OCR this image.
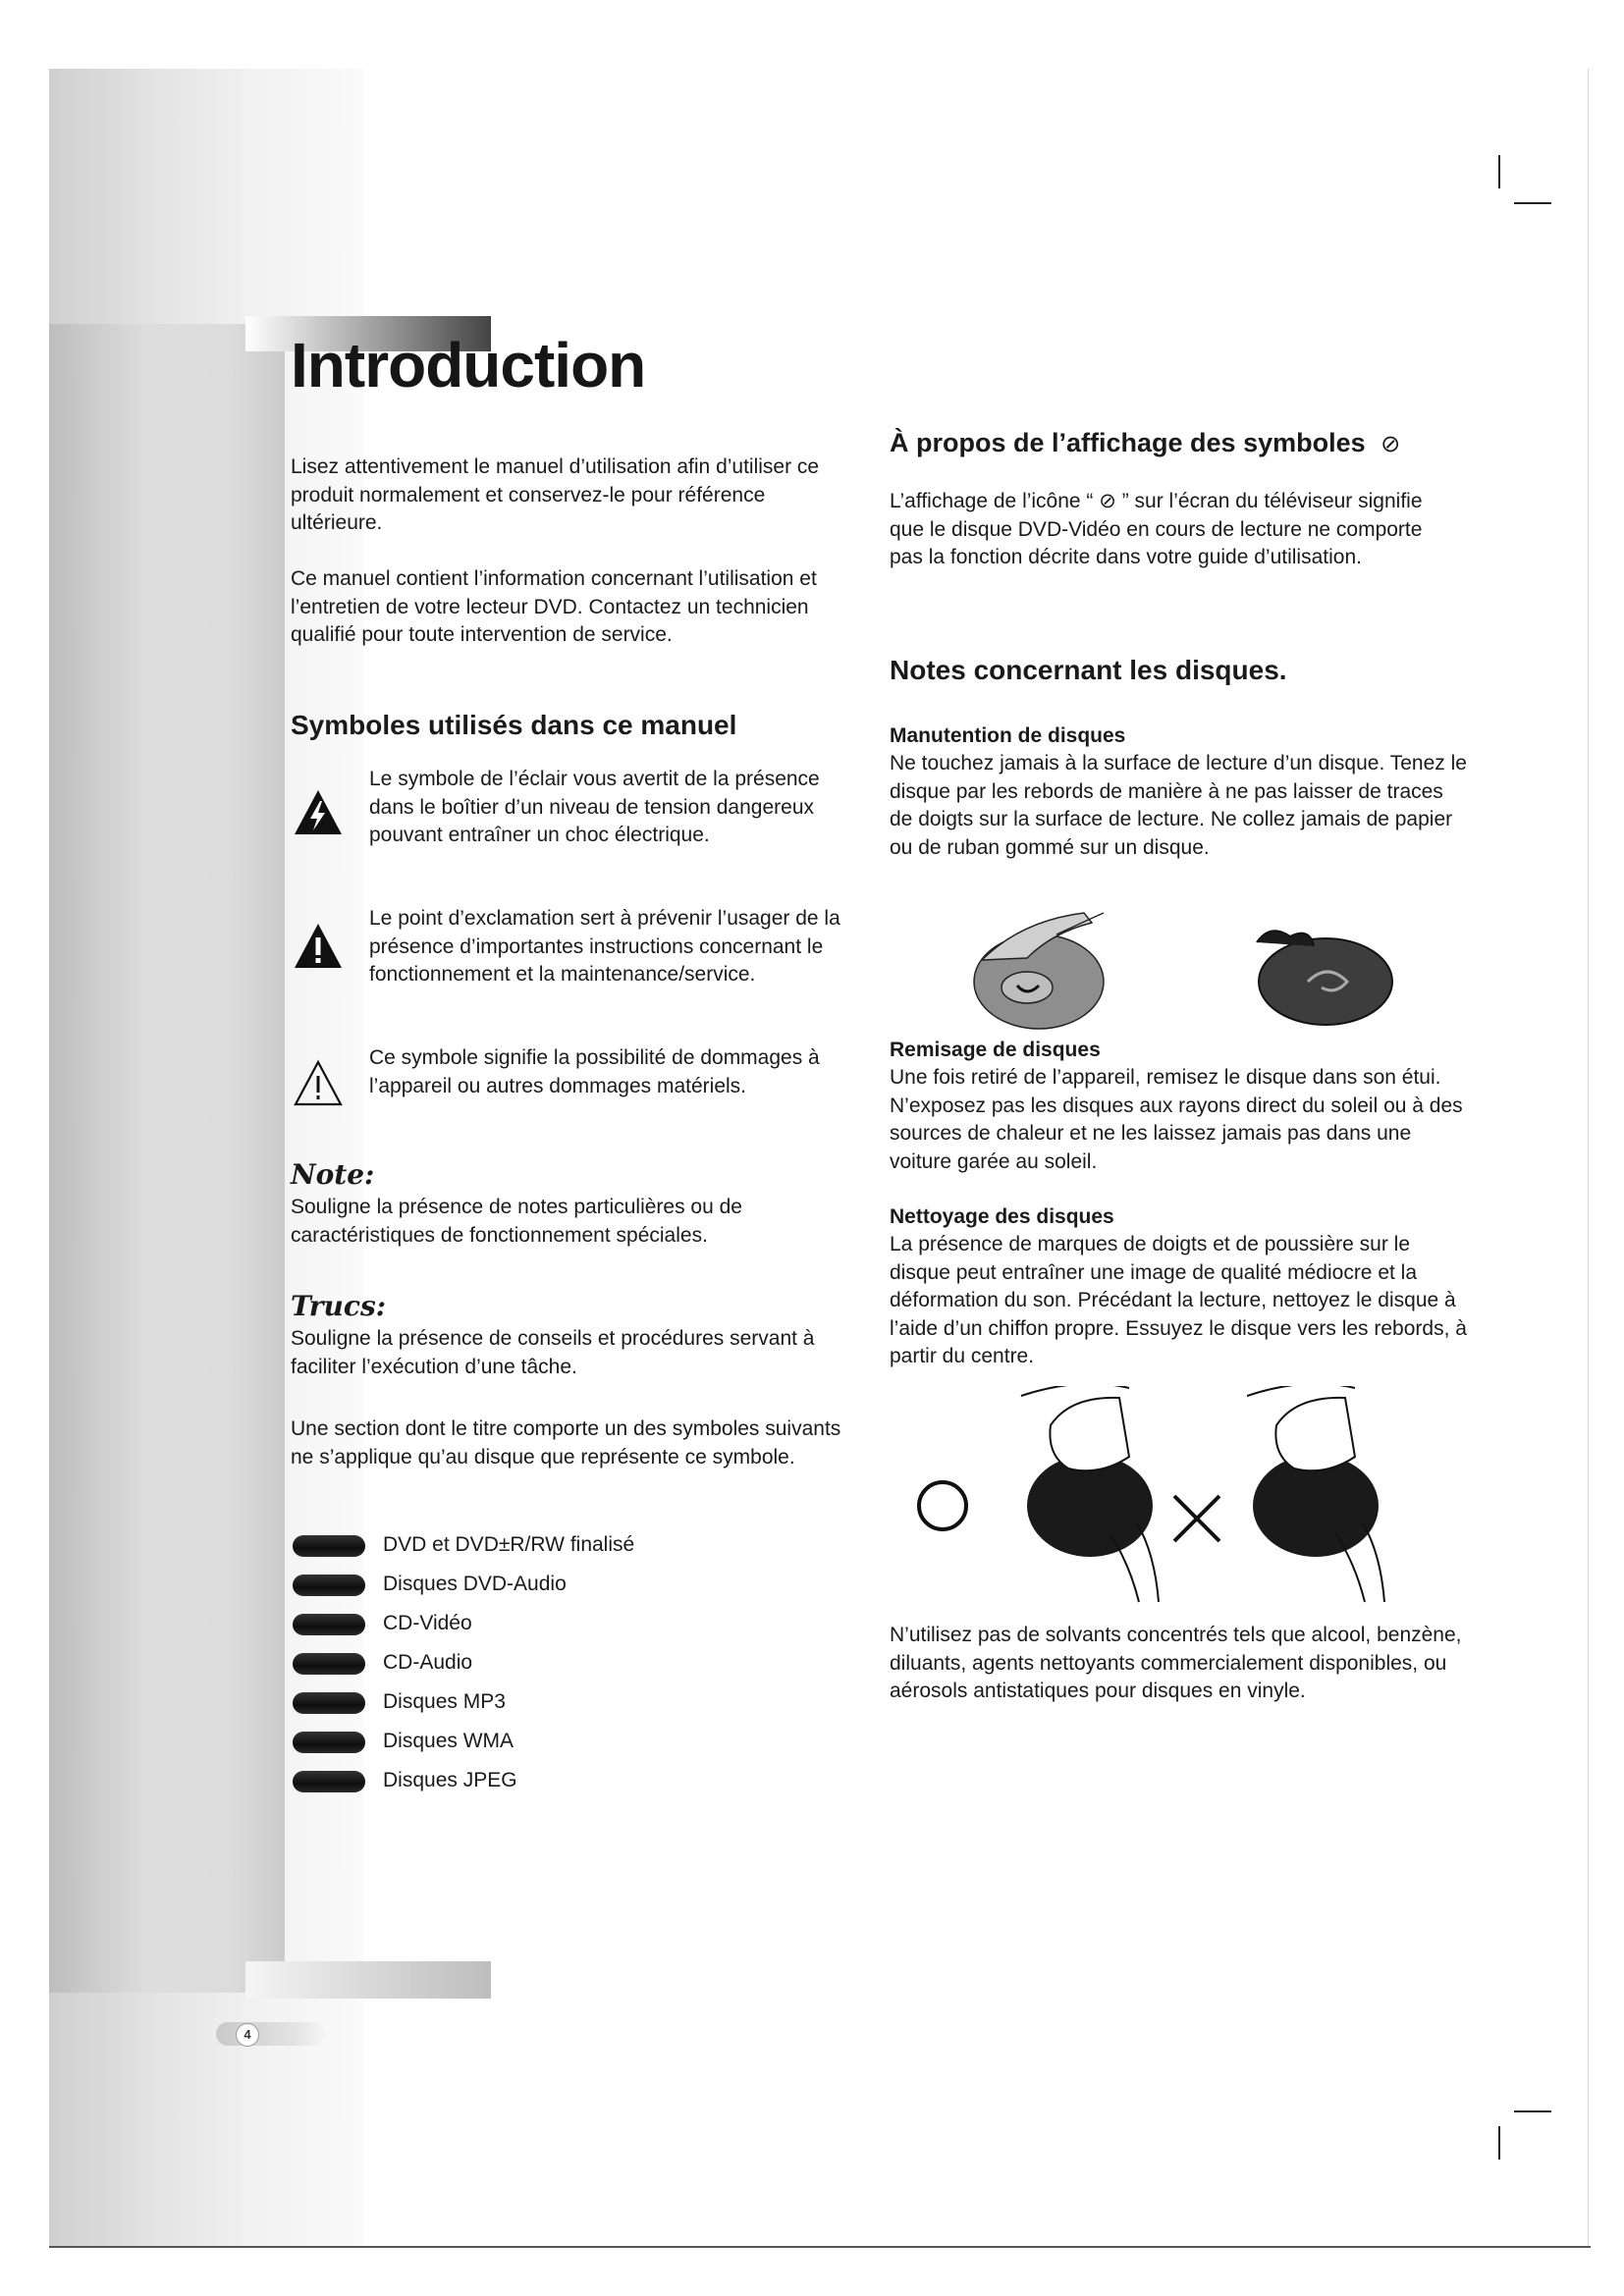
4
Introduction

Lisez attentivement le manuel d’utilisation afin d’utiliser ce produit normalement et conservez-le pour référence ultérieure.

Ce manuel contient l’information concernant l’utilisation et l’entretien de votre lecteur DVD. Contactez un technicien qualifié pour toute intervention de service.

Symboles utilisés dans ce manuel
Le symbole de l’éclair vous avertit de la présence dans le boîtier d’un niveau de tension dangereux pouvant entraîner un choc électrique.
Le point d’exclamation sert à prévenir l’usager de la présence d’importantes instructions concernant le fonctionnement et la maintenance/service.
Ce symbole signifie la possibilité de dommages à l’appareil ou autres dommages matériels.
Note:

Souligne la présence de notes particulières ou de caractéristiques de fonctionnement spéciales.

Trucs:

Souligne la présence de conseils et procédures servant à faciliter l’exécution d’une tâche.

Une section dont le titre comporte un des symboles suivants ne s’applique qu’au disque que représente ce symbole.

DVD et DVD±R/RW finalisé
Disques DVD-Audio
CD-Vidéo
CD-Audio
Disques MP3
Disques WMA
Disques JPEG
À propos de l’affichage des symboles ⊘

L’affichage de l’icône “ ⊘ ” sur l’écran du téléviseur signifie que le disque DVD-Vidéo en cours de lecture ne comporte pas la fonction décrite dans votre guide d’utilisation.

Notes concernant les disques.
Manutention de disques

Ne touchez jamais à la surface de lecture d’un disque. Tenez le disque par les rebords de manière à ne pas laisser de traces de doigts sur la surface de lecture. Ne collez jamais de papier ou de ruban gommé sur un disque.

Remisage de disques

Une fois retiré de l’appareil, remisez le disque dans son étui. N’exposez pas les disques aux rayons direct du soleil ou à des sources de chaleur et ne les laissez jamais pas dans une voiture garée au soleil.

Nettoyage des disques

La présence de marques de doigts et de poussière sur le disque peut entraîner une image de qualité médiocre et la déformation du son. Précédant la lecture, nettoyez le disque à l’aide d’un chiffon propre. Essuyez le disque vers les rebords, à partir du centre.

N’utilisez pas de solvants concentrés tels que alcool, benzène, diluants, agents nettoyants commercialement disponibles, ou aérosols antistatiques pour disques en vinyle.
